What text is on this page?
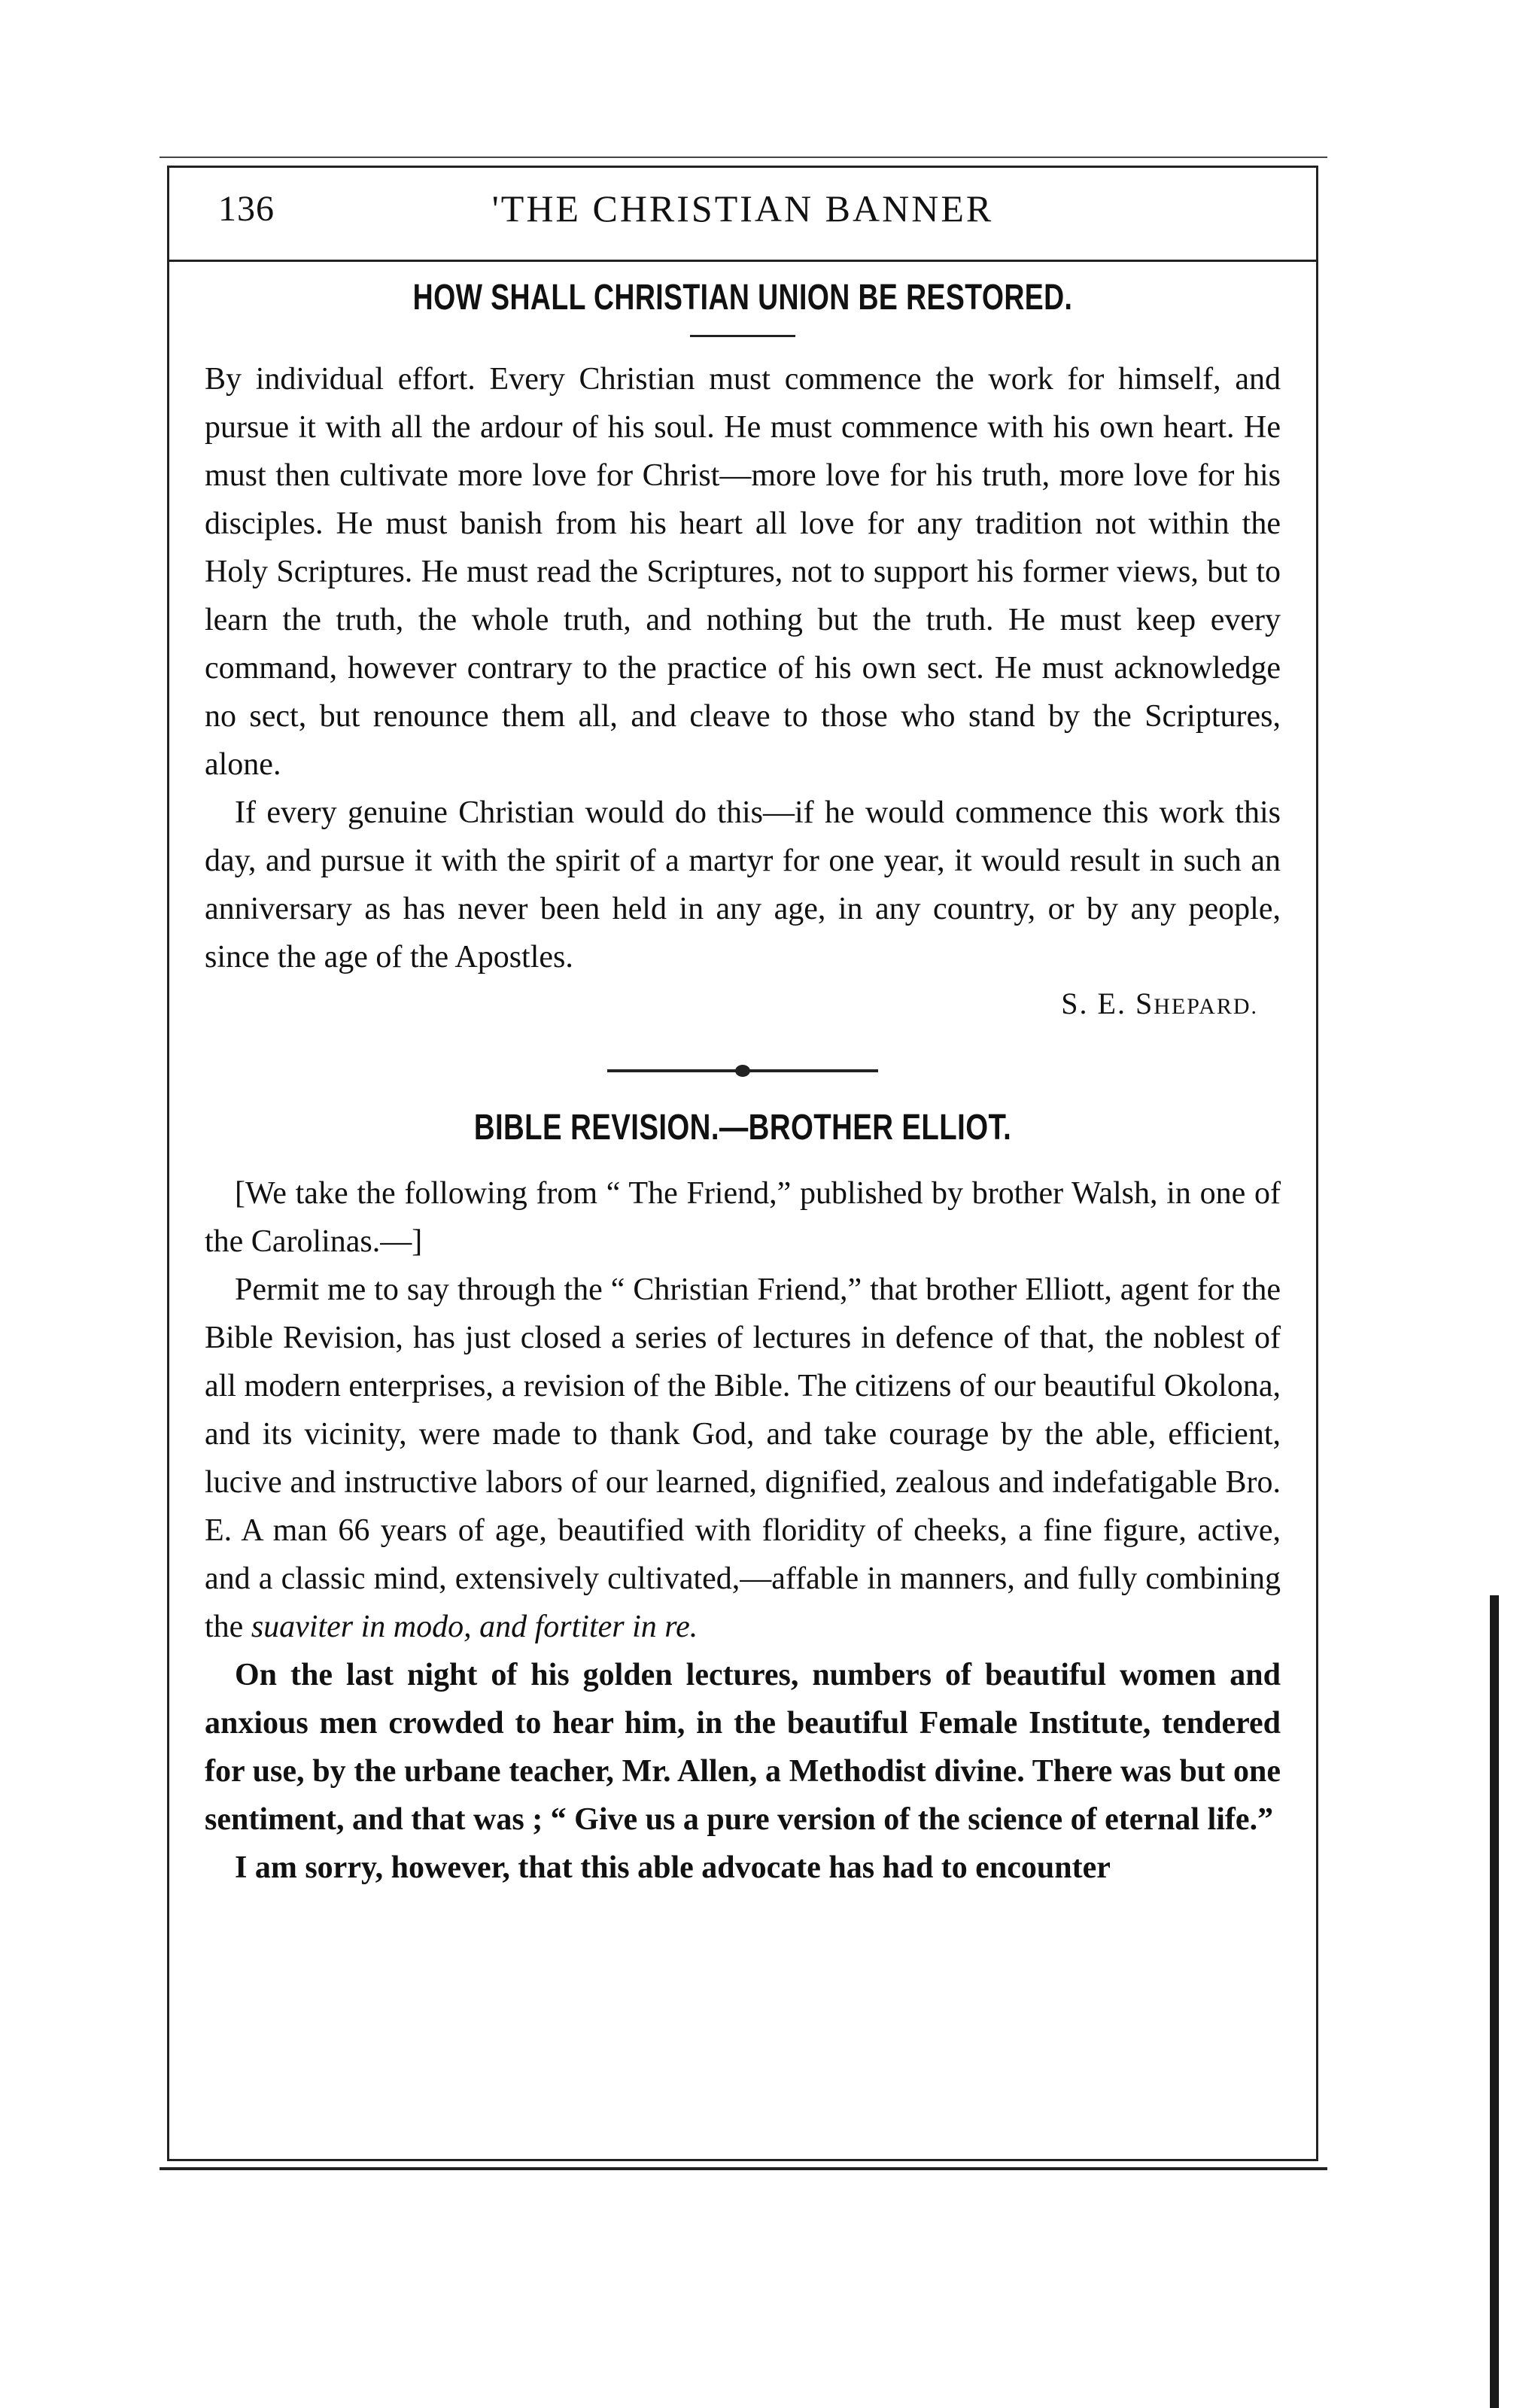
136	'THE CHRISTIAN BANNER
HOW SHALL CHRISTIAN UNION BE RESTORED.

By individual effort. Every Christian must commence the work for himself, and pursue it with all the ardour of his soul. He must commence with his own heart. He must then cultivate more love for Christ—more love for his truth, more love for his disciples. He must banish from his heart all love for any tradition not within the Holy Scriptures. He must read the Scriptures, not to support his former views, but to learn the truth, the whole truth, and nothing but the truth. He must keep every command, however contrary to the practice of his own sect. He must acknowledge no sect, but renounce them all, and cleave to those who stand by the Scriptures, alone.

If every genuine Christian would do this—if he would commence this work this day, and pursue it with the spirit of a martyr for one year, it would result in such an anniversary as has never been held in any age, in any country, or by any people, since the age of the Apostles.

S. E. SHEPARD.

BIBLE REVISION.—BROTHER ELLIOT.

[We take the following from “ The Friend,” published by brother Walsh, in one of the Carolinas.—]

Permit me to say through the “ Christian Friend,” that brother Elliott, agent for the Bible Revision, has just closed a series of lectures in defence of that, the noblest of all modern enterprises, a revision of the Bible. The citizens of our beautiful Okolona, and its vicinity, were made to thank God, and take courage by the able, efficient, lucive and instructive labors of our learned, dignified, zealous and indefatigable Bro. E. A man 66 years of age, beautified with floridity of cheeks, a fine figure, active, and a classic mind, extensively cultivated,—affable in manners, and fully combining the suaviter in modo, and fortiter in re.

On the last night of his golden lectures, numbers of beautiful women and anxious men crowded to hear him, in the beautiful Female Institute, tendered for use, by the urbane teacher, Mr. Allen, a Methodist divine. There was but one sentiment, and that was ; “ Give us a pure version of the science of eternal life.”

I am sorry, however, that this able advocate has had to encounter
